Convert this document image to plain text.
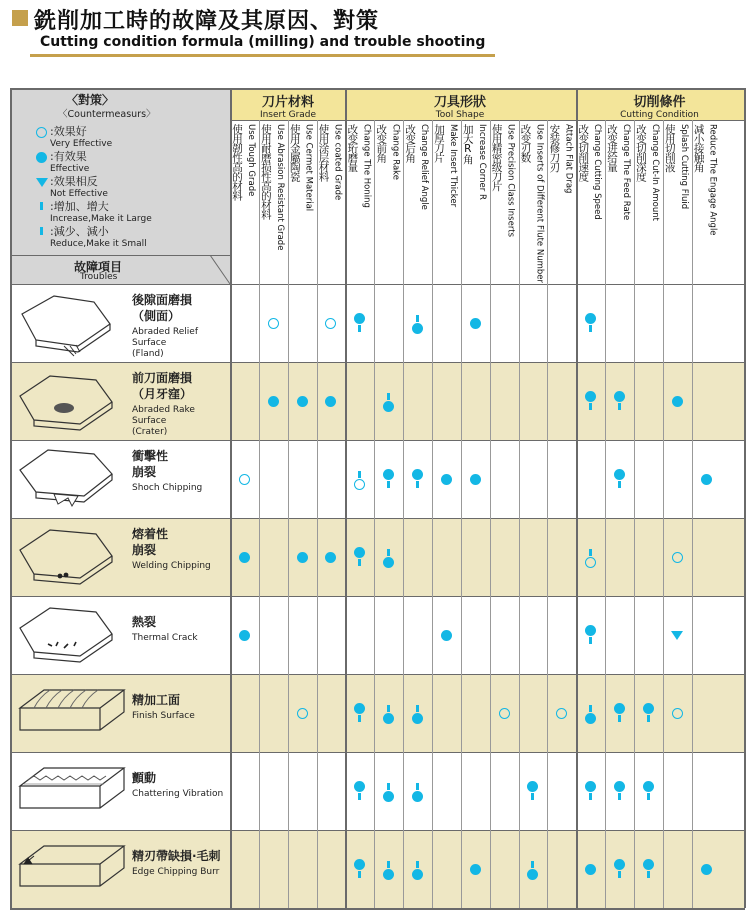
銑削加工時的故障及其原因、對策
Cutting condition formula (milling) and trouble shooting
〈對策〉
〈Countermeasurs〉
:效果好
Very Effective
:有效果
Effective
:效果相反
Not Effective
:增加、增大
Increase,Make it Large
:減少、減小
Reduce,Make it Small
故障項目
Troubles
刀片材料
Insert Grade
刀具形狀
Tool Shape
切削條件
Cutting Condition
使用韌性高的材料 Use Tough Grade 使用耐磨损性高的材料 Use Abrasion Resistant Grade 使用金屬陶瓷 Use Cermet Material 使用涂层材料 Use coated Grade 改变珩磨量 Change The Honing 改变前角 Change Rake 改变后角 Change Relief Angle 加厚刀片 Make Insert Thicker 加大R角 Increase Corner R 使用精密级刀片 Use Precision Class Inserts 改变刃数 Use Inserts of Different Flute Number 安装修刀刃 Attach Flat Drag 改变切削速度 Change Cutting Speed 改变进给量 Change The Feed Rate 改变切削深度 Change Cut-In Amount 使用切削液 Splash Cutting Fluid 减小接触角 Reduce The Engage Angle
後隙面磨損
（側面）
Abraded Relief
Surface
(Fland)
前刀面磨損
（月牙窪）
Abraded Rake
Surface
(Crater)
衝擊性
崩裂
Shoch Chipping
熔着性
崩裂
Welding Chipping
熱裂
Thermal Crack
精加工面
Finish Surface
顫動
Chattering Vibration
精刃帶缺損·毛刺
Edge Chipping Burr
